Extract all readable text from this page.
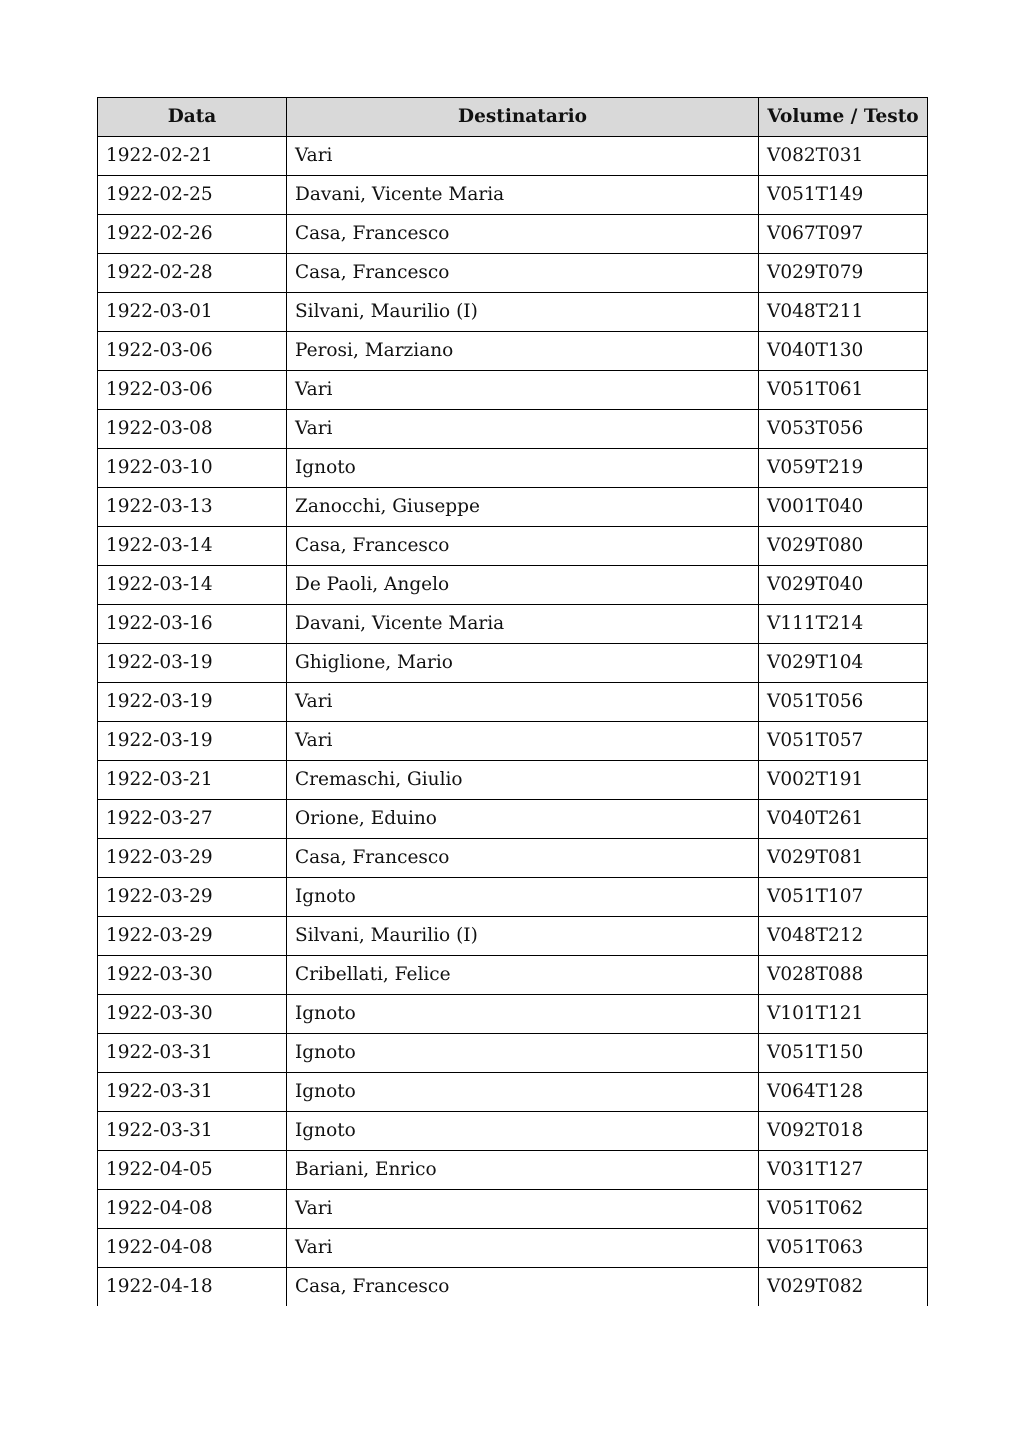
Data	Destinatario	Volume / Testo
1922-02-21	Vari	V082T031
1922-02-25	Davani, Vicente Maria	V051T149
1922-02-26	Casa, Francesco	V067T097
1922-02-28	Casa, Francesco	V029T079
1922-03-01	Silvani, Maurilio (I)	V048T211
1922-03-06	Perosi, Marziano	V040T130
1922-03-06	Vari	V051T061
1922-03-08	Vari	V053T056
1922-03-10	Ignoto	V059T219
1922-03-13	Zanocchi, Giuseppe	V001T040
1922-03-14	Casa, Francesco	V029T080
1922-03-14	De Paoli, Angelo	V029T040
1922-03-16	Davani, Vicente Maria	V111T214
1922-03-19	Ghiglione, Mario	V029T104
1922-03-19	Vari	V051T056
1922-03-19	Vari	V051T057
1922-03-21	Cremaschi, Giulio	V002T191
1922-03-27	Orione, Eduino	V040T261
1922-03-29	Casa, Francesco	V029T081
1922-03-29	Ignoto	V051T107
1922-03-29	Silvani, Maurilio (I)	V048T212
1922-03-30	Cribellati, Felice	V028T088
1922-03-30	Ignoto	V101T121
1922-03-31	Ignoto	V051T150
1922-03-31	Ignoto	V064T128
1922-03-31	Ignoto	V092T018
1922-04-05	Bariani, Enrico	V031T127
1922-04-08	Vari	V051T062
1922-04-08	Vari	V051T063
1922-04-18	Casa, Francesco	V029T082
